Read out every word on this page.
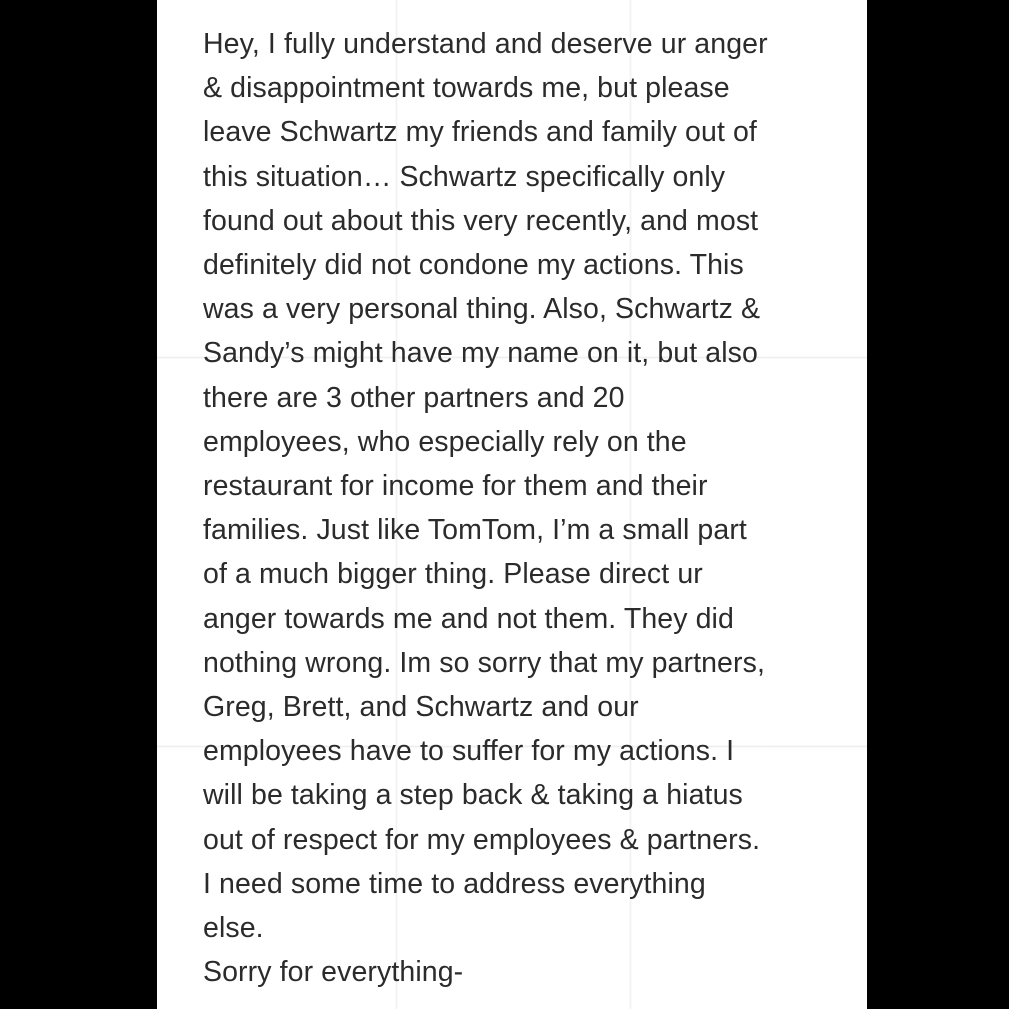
Hey, I fully understand and deserve ur anger
& disappointment towards me, but please
leave Schwartz my friends and family out of
this situation… Schwartz specifically only
found out about this very recently, and most
definitely did not condone my actions. This
was a very personal thing. Also, Schwartz &
Sandy’s might have my name on it, but also
there are 3 other partners and 20
employees, who especially rely on the
restaurant for income for them and their
families. Just like TomTom, I’m a small part
of a much bigger thing. Please direct ur
anger towards me and not them. They did
nothing wrong. Im so sorry that my partners,
Greg, Brett, and Schwartz and our
employees have to suffer for my actions. I
will be taking a step back & taking a hiatus
out of respect for my employees & partners.
I need some time to address everything
else.
Sorry for everything-
